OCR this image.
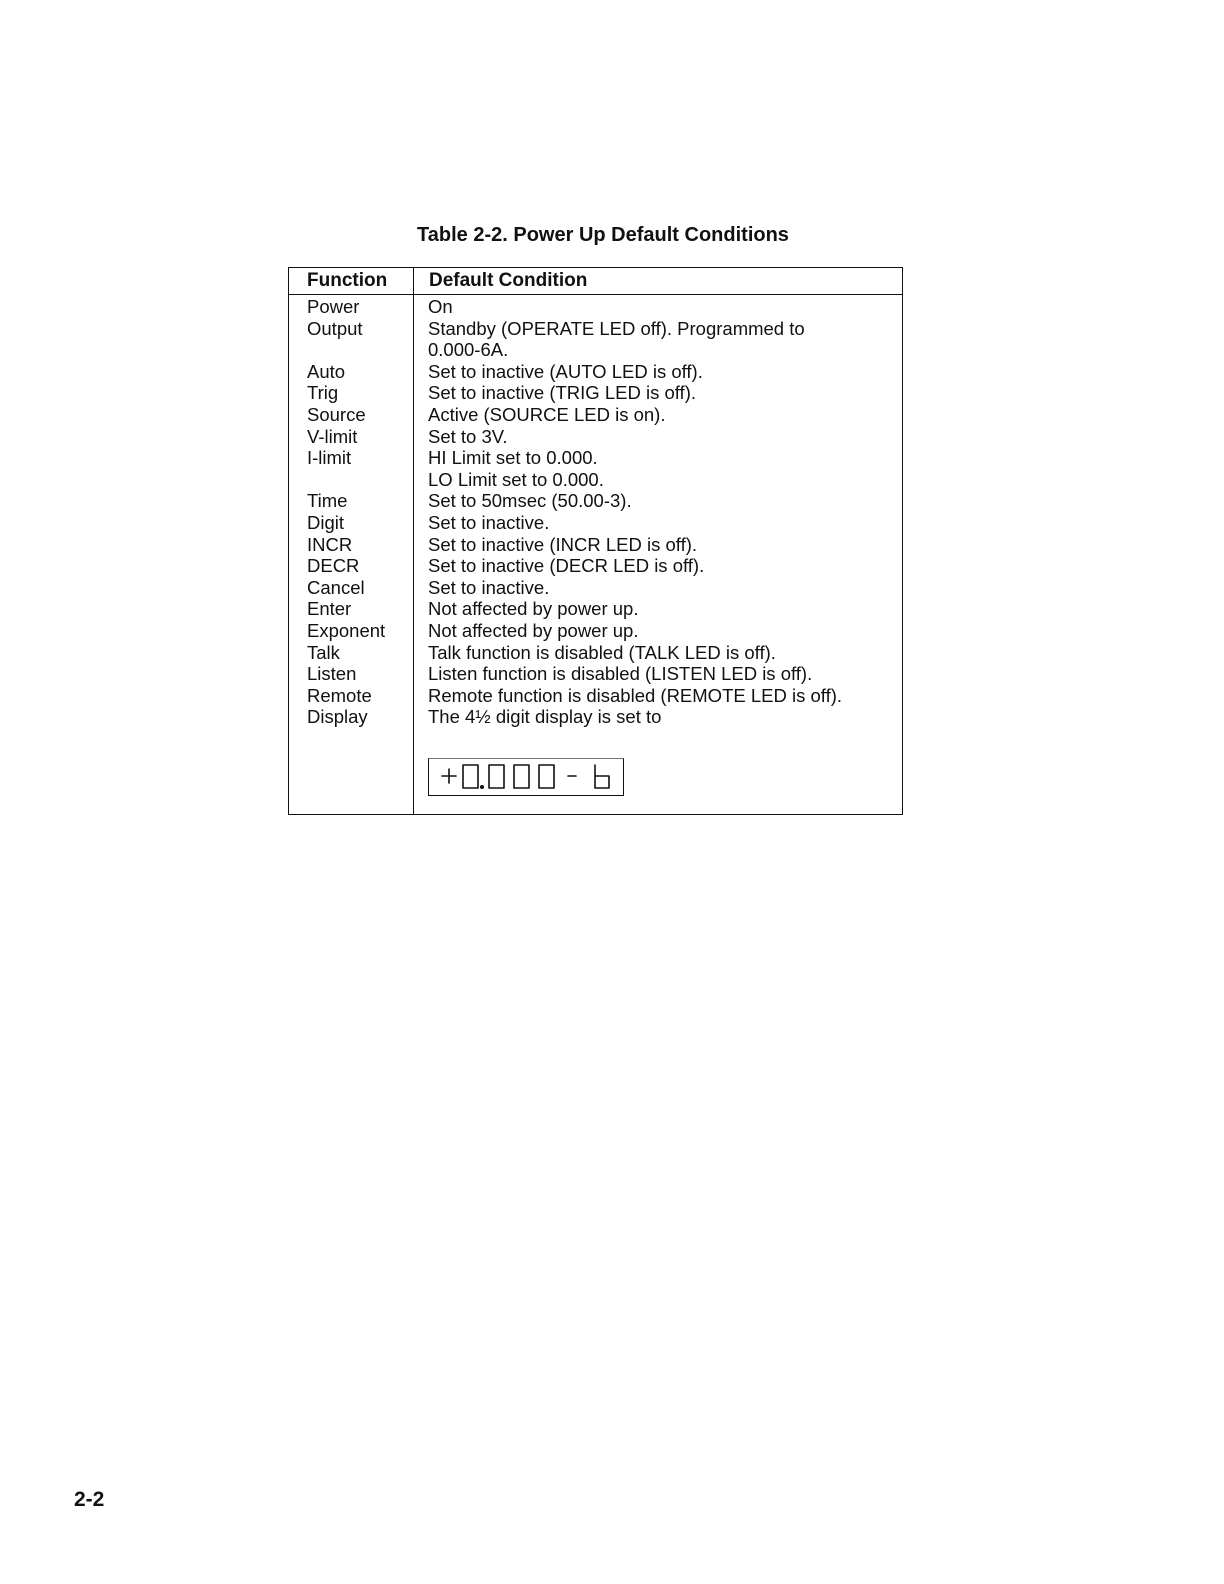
Table 2-2. Power Up Default Conditions
Function Default Condition
Power
Output
Auto
Trig
Source
V-limit
I-limit
Time
Digit
INCR
DECR
Cancel
Enter
Exponent
Talk
Listen
Remote
Display
On
Standby (OPERATE LED off). Programmed to
0.000-6A.
Set to inactive (AUTO LED is off).
Set to inactive (TRIG LED is off).
Active (SOURCE LED is on).
Set to 3V.
HI Limit set to 0.000.
LO Limit set to 0.000.
Set to 50msec (50.00-3).
Set to inactive.
Set to inactive (INCR LED is off).
Set to inactive (DECR LED is off).
Set to inactive.
Not affected by power up.
Not affected by power up.
Talk function is disabled (TALK LED is off).
Listen function is disabled (LISTEN LED is off).
Remote function is disabled (REMOTE LED is off).
The 4½ digit display is set to
2-2
